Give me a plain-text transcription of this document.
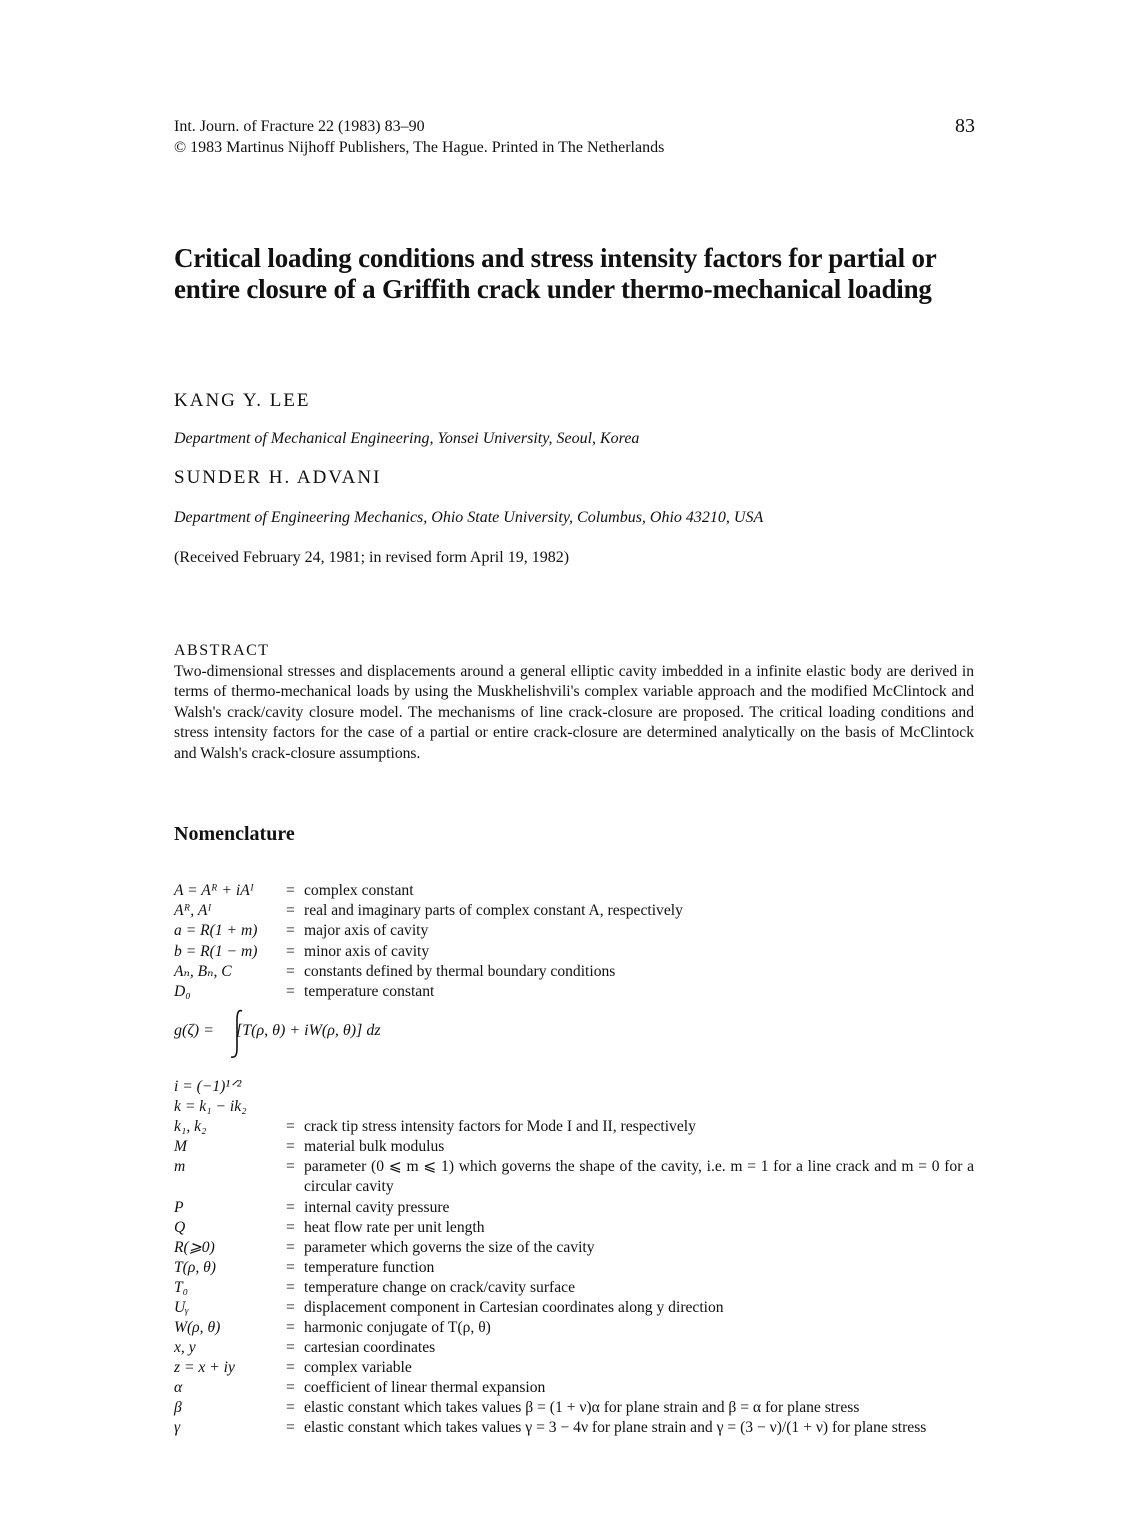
Int. Journ. of Fracture 22 (1983) 83–90
© 1983 Martinus Nijhoff Publishers, The Hague. Printed in The Netherlands
83
Critical loading conditions and stress intensity factors for partial or entire closure of a Griffith crack under thermo-mechanical loading
KANG Y. LEE
Department of Mechanical Engineering, Yonsei University, Seoul, Korea
SUNDER H. ADVANI
Department of Engineering Mechanics, Ohio State University, Columbus, Ohio 43210, USA
(Received February 24, 1981; in revised form April 19, 1982)
ABSTRACT
Two-dimensional stresses and displacements around a general elliptic cavity imbedded in a infinite elastic body are derived in terms of thermo-mechanical loads by using the Muskhelishvili's complex variable approach and the modified McClintock and Walsh's crack/cavity closure model. The mechanisms of line crack-closure are proposed. The critical loading conditions and stress intensity factors for the case of a partial or entire crack-closure are determined analytically on the basis of McClintock and Walsh's crack-closure assumptions.
Nomenclature
A = Aᴿ + iAᴵ = complex constant
Aᴿ, Aᴵ	= real and imaginary parts of complex constant A, respectively
a = R(1 + m) = major axis of cavity
b = R(1 − m) = minor axis of cavity
Aₙ, Bₙ, C	= constants defined by thermal boundary conditions
D₀	= temperature constant
g(ζ) = [T(ρ, θ) + iW(ρ, θ)] dz
i = (−1)¹ᐟ²
k = k₁ − ik₂
k₁, k₂	= crack tip stress intensity factors for Mode I and II, respectively
M	= material bulk modulus
m	= parameter (0 ⩽ m ⩽ 1) which governs the shape of the cavity, i.e. m = 1 for a line crack and m = 0 for a circular cavity
P	= internal cavity pressure
Q	= heat flow rate per unit length
R(⩾0)	= parameter which governs the size of the cavity
T(ρ, θ)	= temperature function
T₀	= temperature change on crack/cavity surface
Uᵧ	= displacement component in Cartesian coordinates along y direction
W(ρ, θ)	= harmonic conjugate of T(ρ, θ)
x, y	= cartesian coordinates
z = x + iy	= complex variable
α	= coefficient of linear thermal expansion
β	= elastic constant which takes values β = (1 + ν)α for plane strain and β = α for plane stress
γ	= elastic constant which takes values γ = 3 − 4ν for plane strain and γ = (3 − ν)/(1 + ν) for plane stress
